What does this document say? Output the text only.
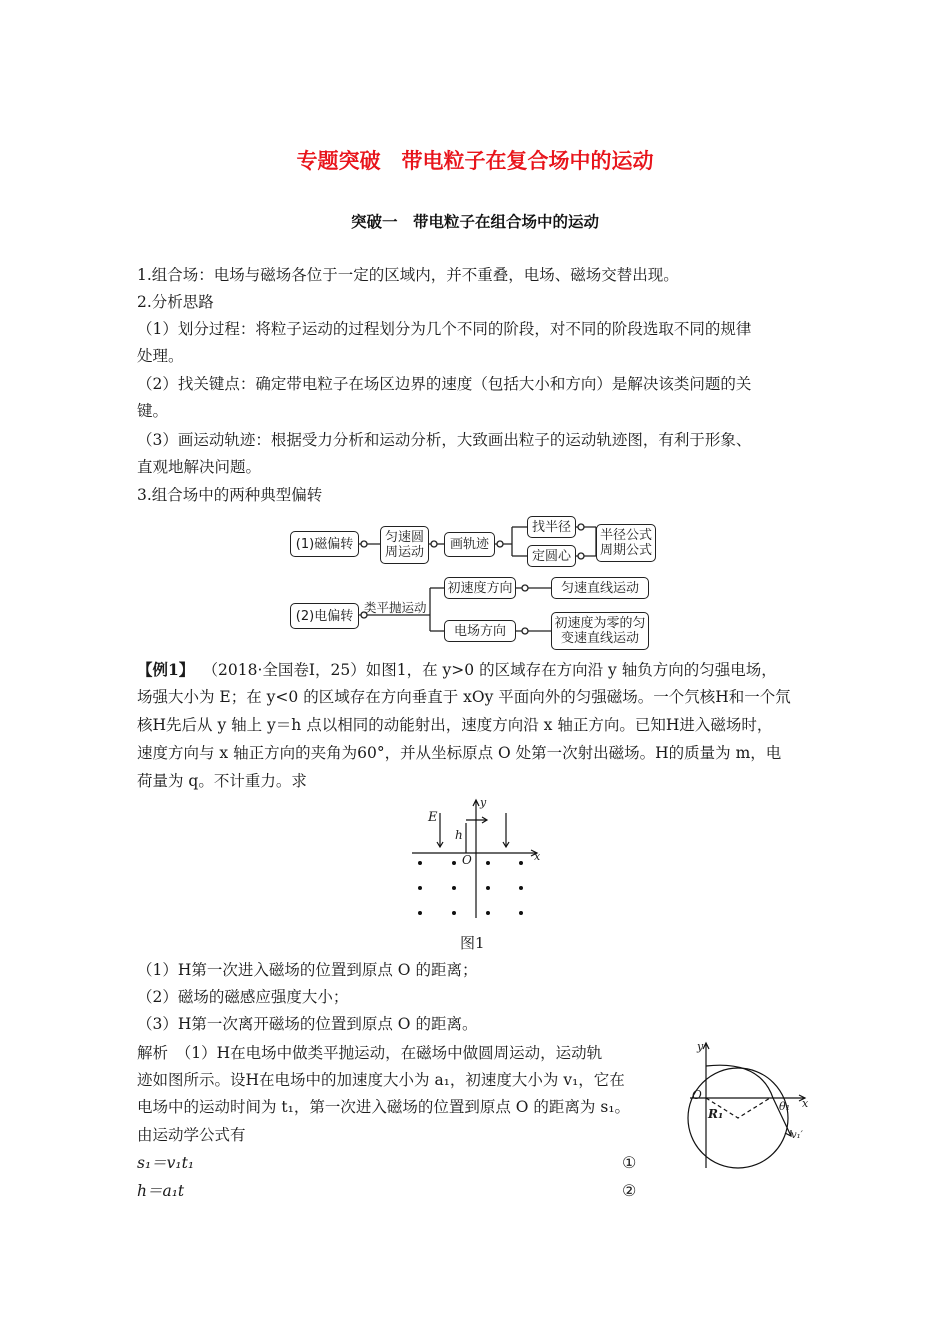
专题突破　带电粒子在复合场中的运动
突破一　带电粒子在组合场中的运动
1.组合场：电场与磁场各位于一定的区域内，并不重叠，电场、磁场交替出现。
2.分析思路
（1）划分过程：将粒子运动的过程划分为几个不同的阶段，对不同的阶段选取不同的规律
处理。
（2）找关键点：确定带电粒子在场区边界的速度（包括大小和方向）是解决该类问题的关
键。
（3）画运动轨迹：根据受力分析和运动分析，大致画出粒子的运动轨迹图，有利于形象、
直观地解决问题。
3.组合场中的两种典型偏转
(1)磁偏转	匀速圆
周运动
画轨迹
找半径
定圆心
半径公式
周期公式
(2)电偏转
类平抛运动
初速度方向	匀速直线运动
电场方向	初速度为零的匀
变速直线运动
【例1】 （2018·全国卷Ⅰ，25）如图1，在 y>0 的区域存在方向沿 y 轴负方向的匀强电场，
场强大小为 E；在 y<0 的区域存在方向垂直于 xOy 平面向外的匀强磁场。一个氕核H和一个氘
核H先后从 y 轴上 y＝h 点以相同的动能射出，速度方向沿 x 轴正方向。已知H进入磁场时，
速度方向与 x 轴正方向的夹角为60°，并从坐标原点 O 处第一次射出磁场。H的质量为 m，电
荷量为 q。不计重力。求
E
h
O	x
y
图1
（1）H第一次进入磁场的位置到原点 O 的距离；
（2）磁场的磁感应强度大小；
（3）H第一次离开磁场的位置到原点 O 的距离。
解析　（1）H在电场中做类平抛运动，在磁场中做圆周运动，运动轨
迹如图所示。设H在电场中的加速度大小为 a₁，初速度大小为 v₁，它在
电场中的运动时间为 t₁，第一次进入磁场的位置到原点 O 的距离为 s₁。
由运动学公式有
s₁＝v₁t₁	①
h＝a₁t	②
y
O
x
R₁
θ₁
v₁′
